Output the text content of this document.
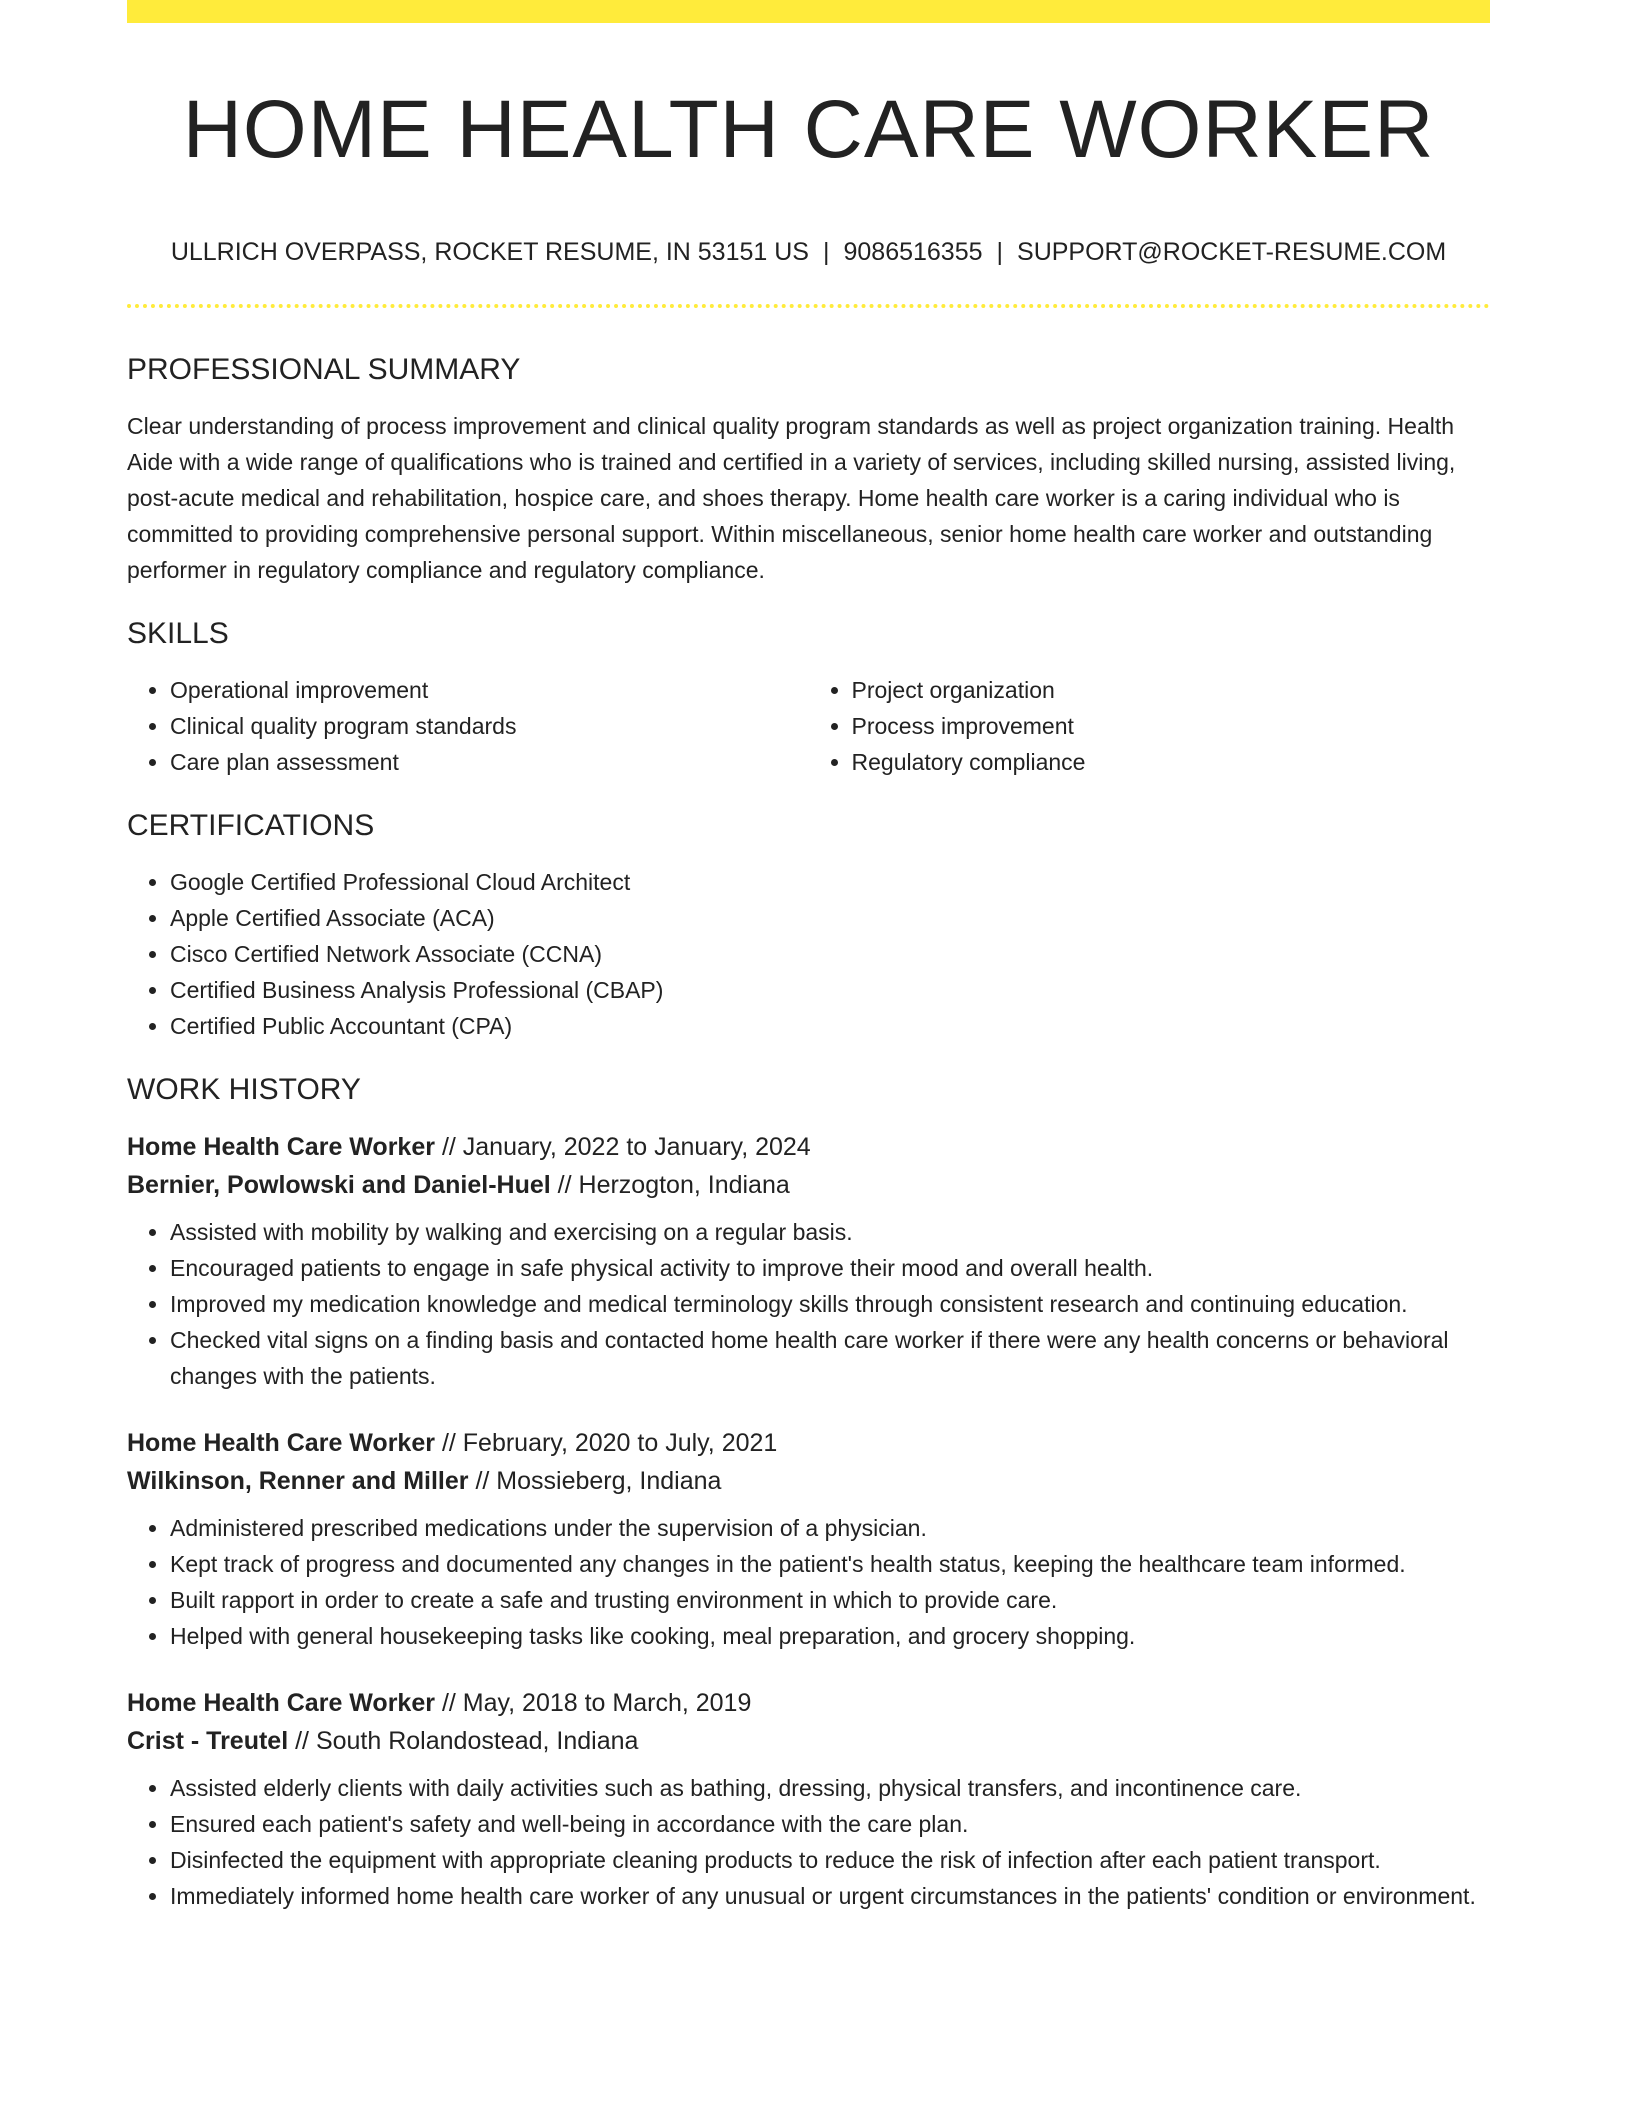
HOME HEALTH CARE WORKER
ULLRICH OVERPASS, ROCKET RESUME, IN 53151 US | 9086516355 | SUPPORT@ROCKET-RESUME.COM
PROFESSIONAL SUMMARY

Clear understanding of process improvement and clinical quality program standards as well as project organization training. Health Aide with a wide range of qualifications who is trained and certified in a variety of services, including skilled nursing, assisted living, post-acute medical and rehabilitation, hospice care, and shoes therapy. Home health care worker is a caring individual who is committed to providing comprehensive personal support. Within miscellaneous, senior home health care worker and outstanding performer in regulatory compliance and regulatory compliance.

SKILLS
• Operational improvement
• Clinical quality program standards
• Care plan assessment
• Project organization
• Process improvement
• Regulatory compliance
CERTIFICATIONS
• Google Certified Professional Cloud Architect
• Apple Certified Associate (ACA)
• Cisco Certified Network Associate (CCNA)
• Certified Business Analysis Professional (CBAP)
• Certified Public Accountant (CPA)
WORK HISTORY
Home Health Care Worker // January, 2022 to January, 2024
Bernier, Powlowski and Daniel-Huel // Herzogton, Indiana
• Assisted with mobility by walking and exercising on a regular basis.
• Encouraged patients to engage in safe physical activity to improve their mood and overall health.
• Improved my medication knowledge and medical terminology skills through consistent research and continuing education.
• Checked vital signs on a finding basis and contacted home health care worker if there were any health concerns or behavioral changes with the patients.
Home Health Care Worker // February, 2020 to July, 2021
Wilkinson, Renner and Miller // Mossieberg, Indiana
• Administered prescribed medications under the supervision of a physician.
• Kept track of progress and documented any changes in the patient's health status, keeping the healthcare team informed.
• Built rapport in order to create a safe and trusting environment in which to provide care.
• Helped with general housekeeping tasks like cooking, meal preparation, and grocery shopping.
Home Health Care Worker // May, 2018 to March, 2019
Crist - Treutel // South Rolandostead, Indiana
• Assisted elderly clients with daily activities such as bathing, dressing, physical transfers, and incontinence care.
• Ensured each patient's safety and well-being in accordance with the care plan.
• Disinfected the equipment with appropriate cleaning products to reduce the risk of infection after each patient transport.
• Immediately informed home health care worker of any unusual or urgent circumstances in the patients' condition or environment.
